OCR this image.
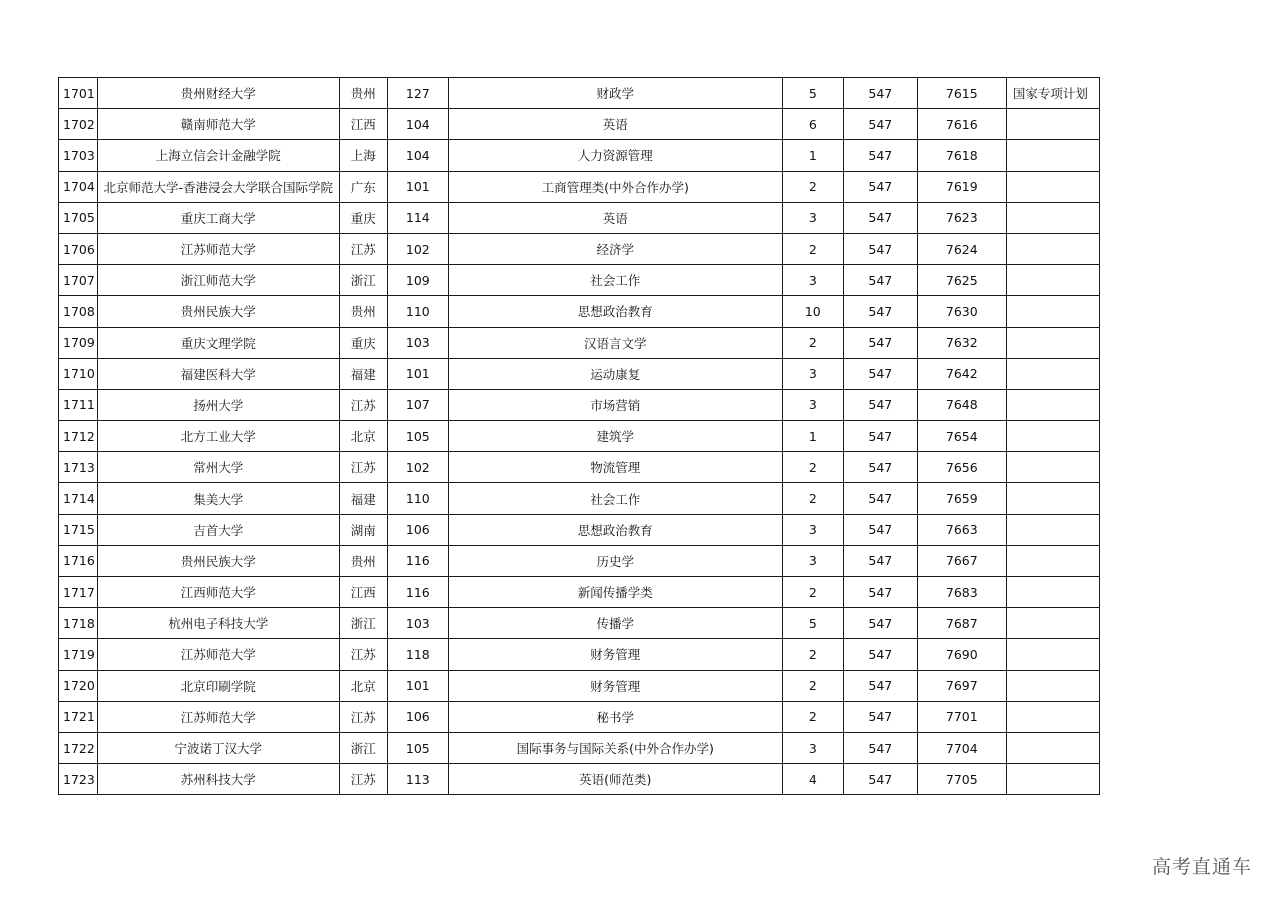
1701	贵州财经大学	贵州	127	财政学	5	547	7615	国家专项计划
1702	赣南师范大学	江西	104	英语	6	547	7616	
1703	上海立信会计金融学院	上海	104	人力资源管理	1	547	7618	
1704	北京师范大学-香港浸会大学联合国际学院	广东	101	工商管理类(中外合作办学)	2	547	7619	
1705	重庆工商大学	重庆	114	英语	3	547	7623	
1706	江苏师范大学	江苏	102	经济学	2	547	7624	
1707	浙江师范大学	浙江	109	社会工作	3	547	7625	
1708	贵州民族大学	贵州	110	思想政治教育	10	547	7630	
1709	重庆文理学院	重庆	103	汉语言文学	2	547	7632	
1710	福建医科大学	福建	101	运动康复	3	547	7642	
1711	扬州大学	江苏	107	市场营销	3	547	7648	
1712	北方工业大学	北京	105	建筑学	1	547	7654	
1713	常州大学	江苏	102	物流管理	2	547	7656	
1714	集美大学	福建	110	社会工作	2	547	7659	
1715	吉首大学	湖南	106	思想政治教育	3	547	7663	
1716	贵州民族大学	贵州	116	历史学	3	547	7667	
1717	江西师范大学	江西	116	新闻传播学类	2	547	7683	
1718	杭州电子科技大学	浙江	103	传播学	5	547	7687	
1719	江苏师范大学	江苏	118	财务管理	2	547	7690	
1720	北京印刷学院	北京	101	财务管理	2	547	7697	
1721	江苏师范大学	江苏	106	秘书学	2	547	7701	
1722	宁波诺丁汉大学	浙江	105	国际事务与国际关系(中外合作办学)	3	547	7704	
1723	苏州科技大学	江苏	113	英语(师范类)	4	547	7705	
高考直通车
